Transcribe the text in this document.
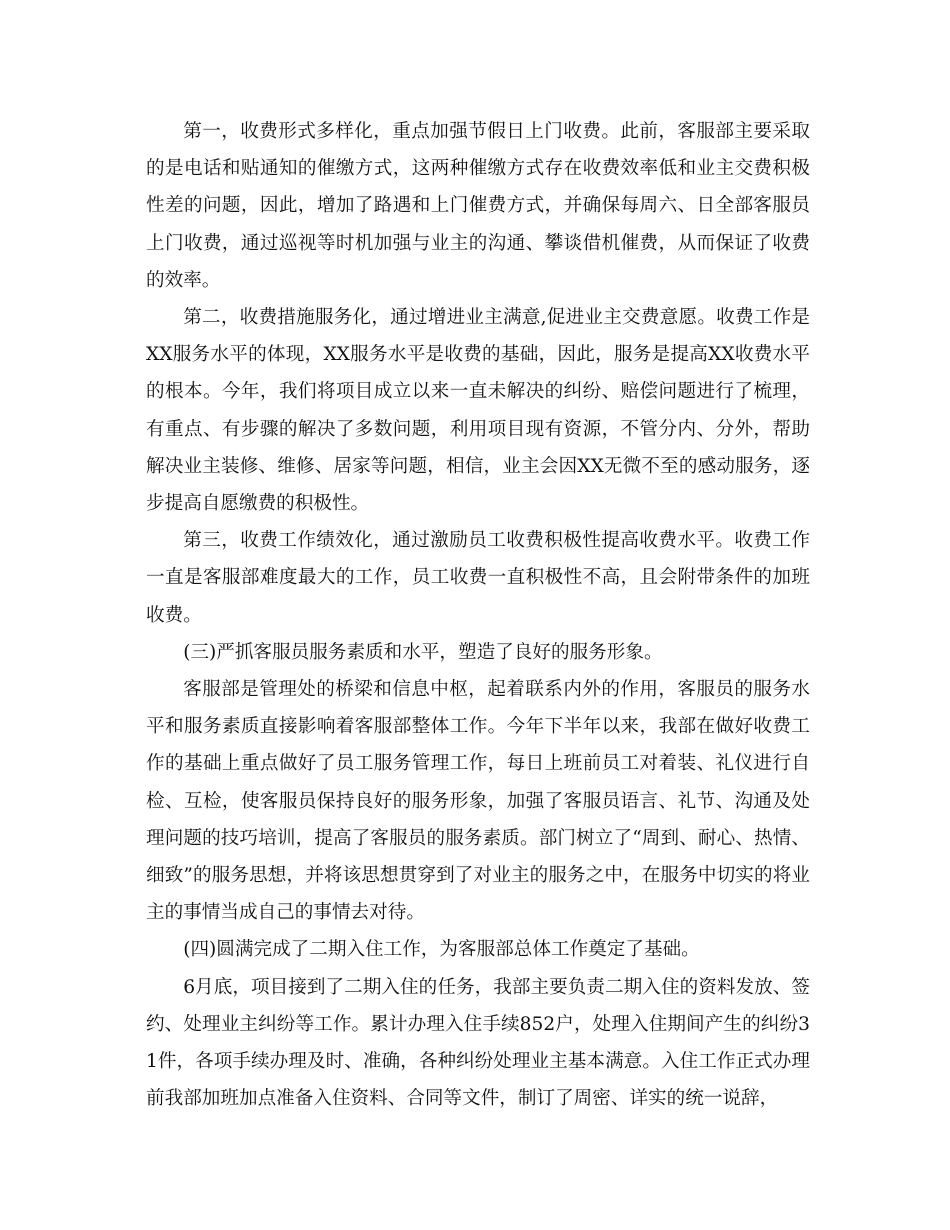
第一，收费形式多样化，重点加强节假日上门收费。此前，客服部主要采取的是电话和贴通知的催缴方式，这两种催缴方式存在收费效率低和业主交费积极性差的问题，因此，增加了路遇和上门催费方式，并确保每周六、日全部客服员上门收费，通过巡视等时机加强与业主的沟通、攀谈借机催费，从而保证了收费的效率。

第二，收费措施服务化，通过增进业主满意,促进业主交费意愿。收费工作是XX服务水平的体现，XX服务水平是收费的基础，因此，服务是提高XX收费水平的根本。今年，我们将项目成立以来一直未解决的纠纷、赔偿问题进行了梳理，有重点、有步骤的解决了多数问题，利用项目现有资源，不管分内、分外，帮助解决业主装修、维修、居家等问题，相信，业主会因XX无微不至的感动服务，逐步提高自愿缴费的积极性。

第三，收费工作绩效化，通过激励员工收费积极性提高收费水平。收费工作一直是客服部难度最大的工作，员工收费一直积极性不高，且会附带条件的加班收费。

(三)严抓客服员服务素质和水平，塑造了良好的服务形象。

客服部是管理处的桥梁和信息中枢，起着联系内外的作用，客服员的服务水平和服务素质直接影响着客服部整体工作。今年下半年以来，我部在做好收费工作的基础上重点做好了员工服务管理工作，每日上班前员工对着装、礼仪进行自检、互检，使客服员保持良好的服务形象，加强了客服员语言、礼节、沟通及处理问题的技巧培训，提高了客服员的服务素质。部门树立了“周到、耐心、热情、细致”的服务思想，并将该思想贯穿到了对业主的服务之中，在服务中切实的将业主的事情当成自己的事情去对待。

(四)圆满完成了二期入住工作，为客服部总体工作奠定了基础。

6月底，项目接到了二期入住的任务，我部主要负责二期入住的资料发放、签约、处理业主纠纷等工作。累计办理入住手续852户，处理入住期间产生的纠纷31件，各项手续办理及时、准确，各种纠纷处理业主基本满意。入住工作正式办理前我部加班加点准备入住资料、合同等文件，制订了周密、详实的统一说辞，
